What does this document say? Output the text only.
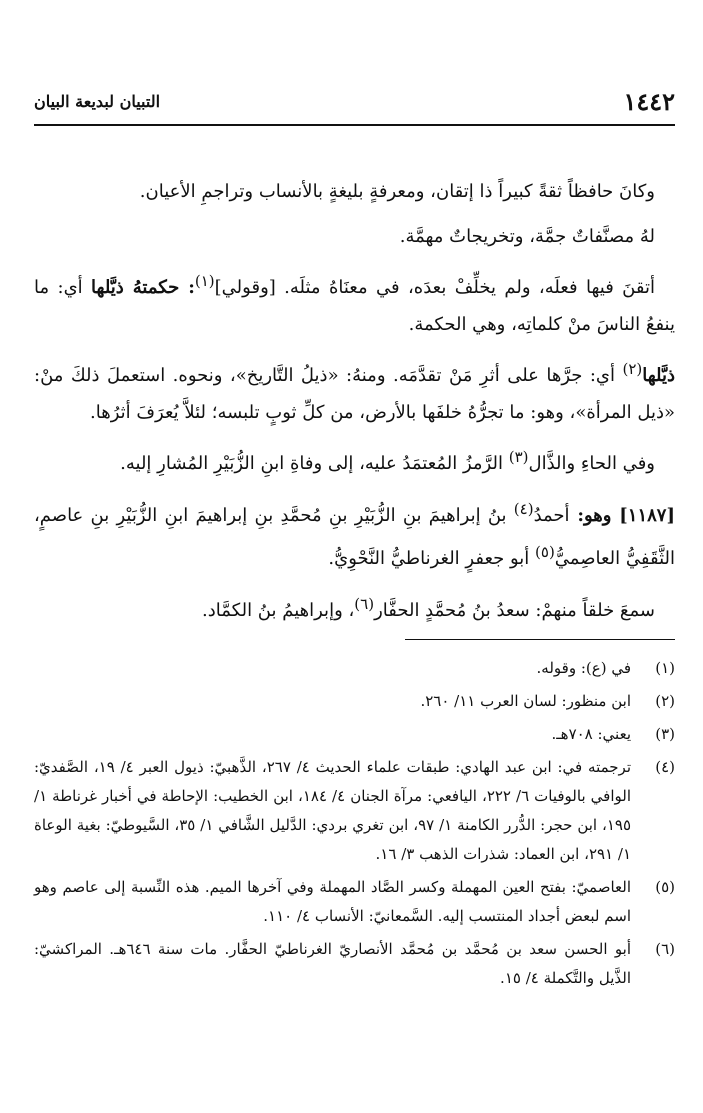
١٤٤٢
التبيان لبديعة البيان

وكانَ حافظاً ثقةً كبيراً ذا إتقان، ومعرفةٍ بليغةٍ بالأنساب وتراجمِ الأعيان.

لهُ مصنَّفاتٌ جمَّة، وتخريجاتٌ مهمَّة.

أتقنَ فيها فعلَه، ولم يخلِّفْ بعدَه، في معنَاهُ مثلَه. [وقولي]$^{(١)}$: حكمتهُ ذيَّلها أي: ما ينفعُ الناسَ منْ كلماتِه، وهي الحكمة.

ذيَّلها$^{(٢)}$ أي: جرَّها على أثرِ مَنْ تقدَّمَه. ومنهُ: «ذيلُ التَّاريخ»، ونحوه. استعملَ ذلكَ منْ: «ذيل المرأة»، وهو: ما تجرُّهُ خلفَها بالأرض، من كلِّ ثوبٍ تلبسه؛ لئلاَّ يُعرَفَ أثرُها.

وفي الحاءِ والذَّال$^{(٣)}$ الرَّمزُ المُعتمَدُ عليه، إلى وفاةِ ابنِ الزُّبَيْرِ المُشارِ إليه.

[١١٨٧] وهو: أحمدُ$^{(٤)}$ بنُ إبراهيمَ بنِ الزُّبَيْرِ بنِ مُحمَّدِ بنِ إبراهيمَ ابنِ الزُّبَيْرِ بنِ عاصمٍ، الثَّقَفِيُّ العاصِميُّ$^{(٥)}$ أبو جعفرٍ الغرناطيُّ النَّحْوِيُّ.

سمعَ خلقاً منهمْ: سعدُ بنُ مُحمَّدٍ الحفَّار$^{(٦)}$، وإبراهيمُ بنُ الكمَّاد.

(١)
في (ع): وقوله.
(٢)
ابن منظور: لسان العرب ١١/ ٢٦٠.
(٣)
يعني: ٧٠٨هـ.
(٤)
ترجمته في: ابن عبد الهادي: طبقات علماء الحديث ٤/ ٢٦٧، الذَّهبيّ: ذيول العبر ٤/ ١٩، الصَّفديّ: الوافي بالوفيات ٦/ ٢٢٢، اليافعي: مرآة الجنان ٤/ ١٨٤، ابن الخطيب: الإحاطة في أخبار غرناطة ١/ ١٩٥، ابن حجر: الدُّرر الكامنة ١/ ٩٧، ابن تغري بردي: الدَّليل الشَّافي ١/ ٣٥، السَّيوطيّ: بغية الوعاة ١/ ٢٩١، ابن العماد: شذرات الذهب ٣/ ١٦.
(٥)
العاصميّ: بفتح العين المهملة وكسر الصَّاد المهملة وفي آخرها الميم. هذه النِّسبة إلى عاصم وهو اسم لبعض أجداد المنتسب إليه. السَّمعانيّ: الأنساب ٤/ ١١٠.
(٦)
أبو الحسن سعد بن مُحمَّد بن مُحمَّد الأنصاريّ الغرناطيّ الحفَّار. مات سنة ٦٤٦هـ. المراكشيّ: الذَّيل والتَّكملة ٤/ ١٥.
